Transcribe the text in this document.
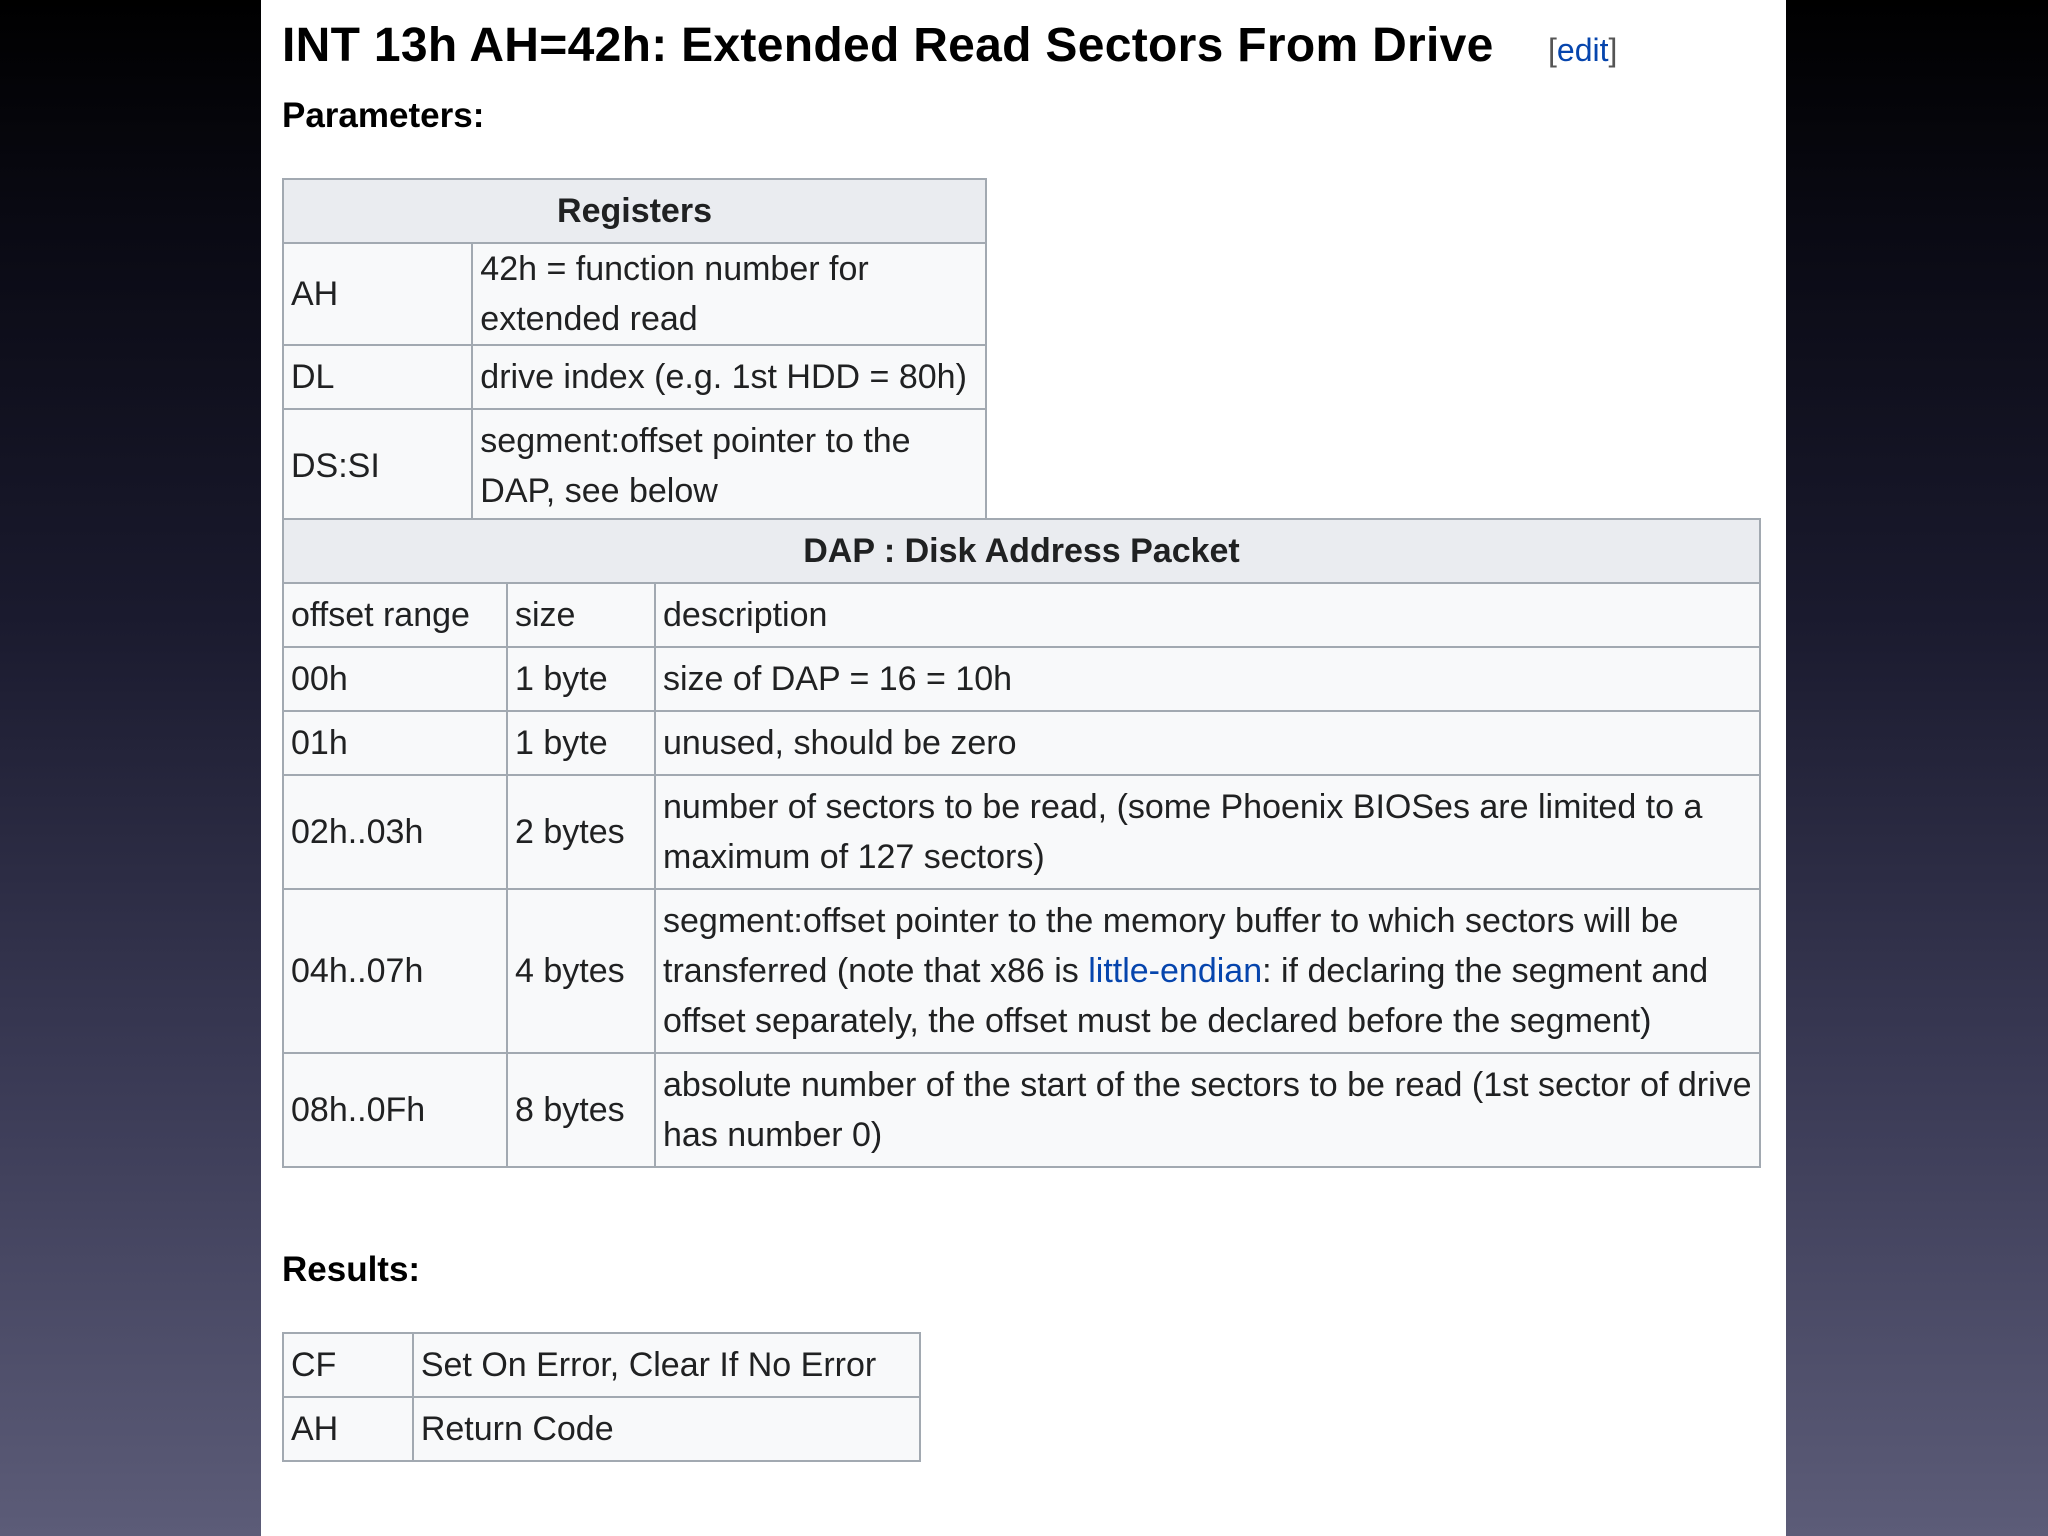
INT 13h AH=42h: Extended Read Sectors From Drive [edit]
Parameters:
Registers	
AH	42h = function number for extended read
DL	drive index (e.g. 1st HDD = 80h)
DS:SI	segment:offset pointer to the DAP, see below
DAP : Disk Address Packet		
offset range	size	description
00h	1 byte	size of DAP = 16 = 10h
01h	1 byte	unused, should be zero
02h..03h	2 bytes	number of sectors to be read, (some Phoenix BIOSes are limited to a maximum of 127 sectors)
04h..07h	4 bytes	segment:offset pointer to the memory buffer to which sectors will be transferred (note that x86 is little-endian: if declaring the segment and offset separately, the offset must be declared before the segment)
08h..0Fh	8 bytes	absolute number of the start of the sectors to be read (1st sector of drive has number 0)
Results:
CF	Set On Error, Clear If No Error
AH	Return Code
